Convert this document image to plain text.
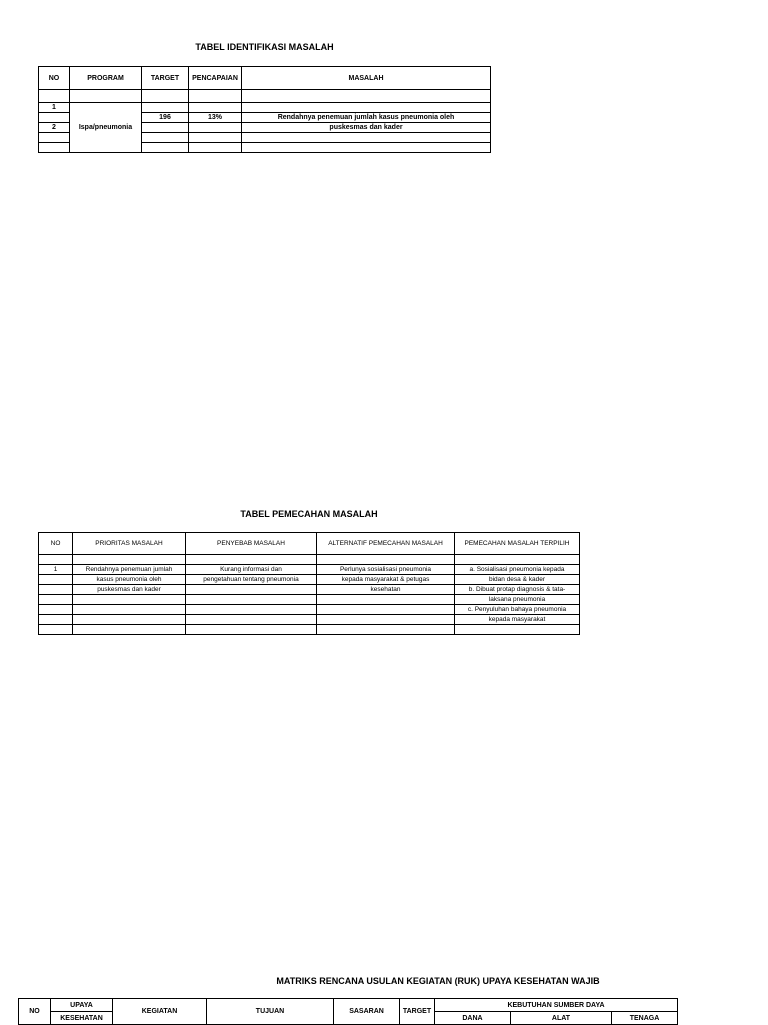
TABEL IDENTIFIKASI MASALAH
NO	PROGRAM	TARGET	PENCAPAIAN	MASALAH

1	Ispa/pneumonia			
		196	13%	Rendahnya penemuan jumlah kasus pneumonia oleh
2				puskesmas dan kader

TABEL PEMECAHAN MASALAH
NO	PRIORITAS MASALAH	PENYEBAB MASALAH	ALTERNATIF PEMECAHAN MASALAH	PEMECAHAN MASALAH TERPILIH

1	Rendahnya penemuan jumlah	Kurang informasi dan	Perlunya sosialisasi pneumonia	a. Sosialisasi pneumonia kepada
	kasus pneumonia oleh	pengetahuan tentang pneumonia	kepada masyarakat & petugas	bidan desa & kader
	puskesmas dan kader		kesehatan	b. Dibuat protap diagnosis & tata-
				laksana pneumonia
				c. Penyuluhan bahaya pneumonia
				kepada masyarakat

MATRIKS RENCANA USULAN KEGIATAN (RUK) UPAYA KESEHATAN WAJIB
NO	UPAYA	KEGIATAN	TUJUAN	SASARAN	TARGET	KEBUTUHAN SUMBER DAYA		
	KESEHATAN					DANA	ALAT	TENAGA
